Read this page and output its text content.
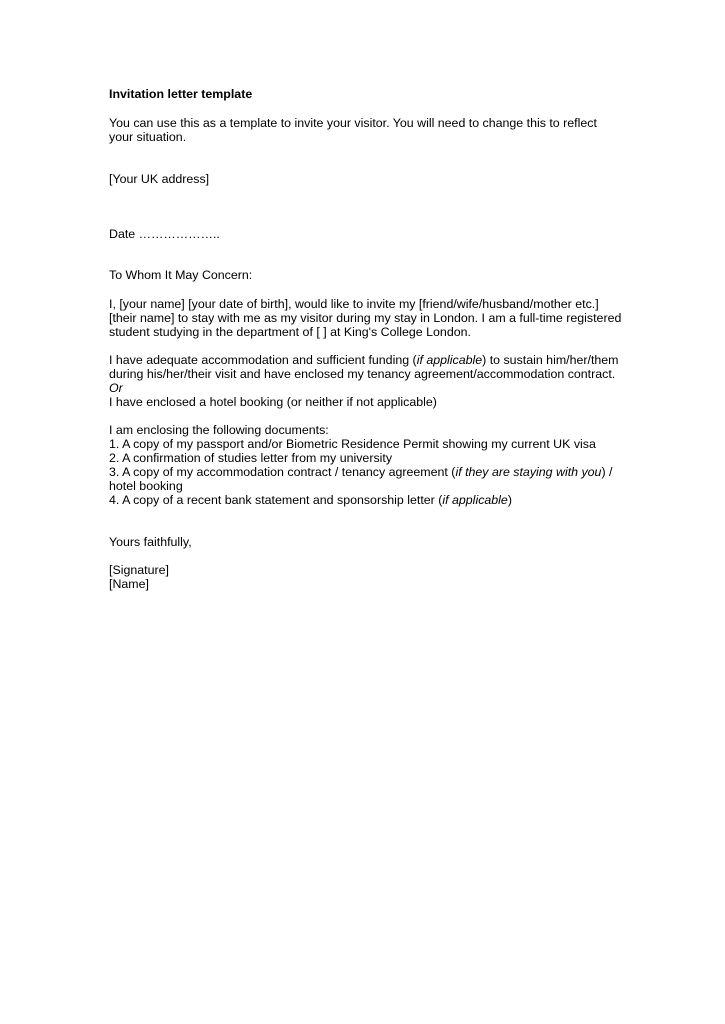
Invitation letter template
You can use this as a template to invite your visitor. You will need to change this to reflect
your situation.
[Your UK address]
Date ………………..
To Whom It May Concern:
I, [your name] [your date of birth], would like to invite my [friend/wife/husband/mother etc.]
[their name] to stay with me as my visitor during my stay in London. I am a full-time registered
student studying in the department of [ ] at King's College London.
I have adequate accommodation and sufficient funding (if applicable) to sustain him/her/them
during his/her/their visit and have enclosed my tenancy agreement/accommodation contract.
Or
I have enclosed a hotel booking (or neither if not applicable)
I am enclosing the following documents:
1. A copy of my passport and/or Biometric Residence Permit showing my current UK visa
2. A confirmation of studies letter from my university
3. A copy of my accommodation contract / tenancy agreement (if they are staying with you) /
hotel booking
4. A copy of a recent bank statement and sponsorship letter (if applicable)
Yours faithfully,
[Signature]
[Name]
